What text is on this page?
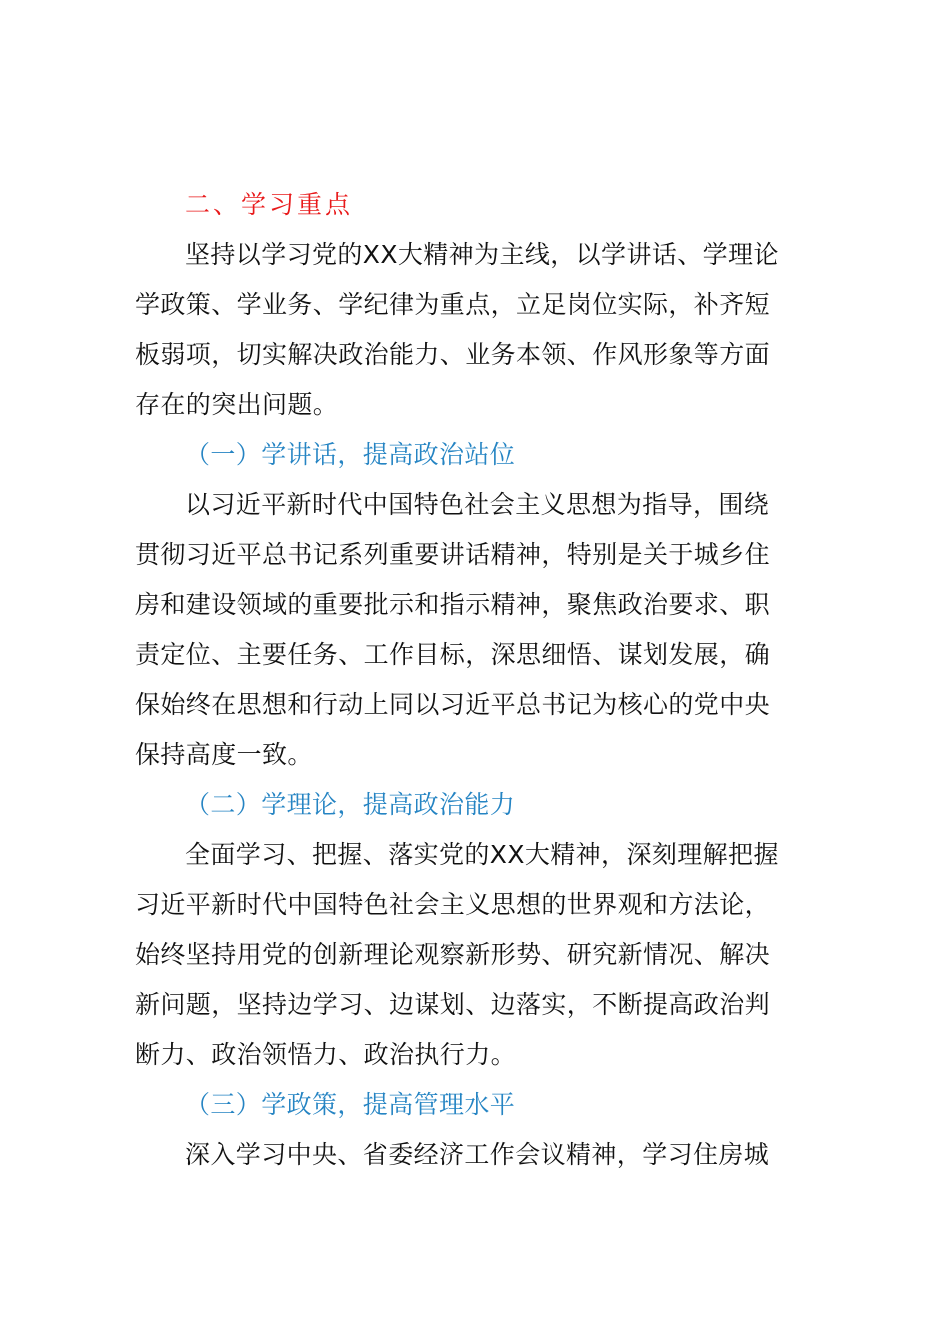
二、学习重点
坚持以学习党的XX大精神为主线，以学讲话、学理论
学政策、学业务、学纪律为重点，立足岗位实际，补齐短
板弱项，切实解决政治能力、业务本领、作风形象等方面
存在的突出问题。
（一）学讲话，提高政治站位
以习近平新时代中国特色社会主义思想为指导，围绕
贯彻习近平总书记系列重要讲话精神，特别是关于城乡住
房和建设领域的重要批示和指示精神，聚焦政治要求、职
责定位、主要任务、工作目标，深思细悟、谋划发展，确
保始终在思想和行动上同以习近平总书记为核心的党中央
保持高度一致。
（二）学理论，提高政治能力
全面学习、把握、落实党的XX大精神，深刻理解把握
习近平新时代中国特色社会主义思想的世界观和方法论，
始终坚持用党的创新理论观察新形势、研究新情况、解决
新问题，坚持边学习、边谋划、边落实，不断提高政治判
断力、政治领悟力、政治执行力。
（三）学政策，提高管理水平
深入学习中央、省委经济工作会议精神，学习住房城
